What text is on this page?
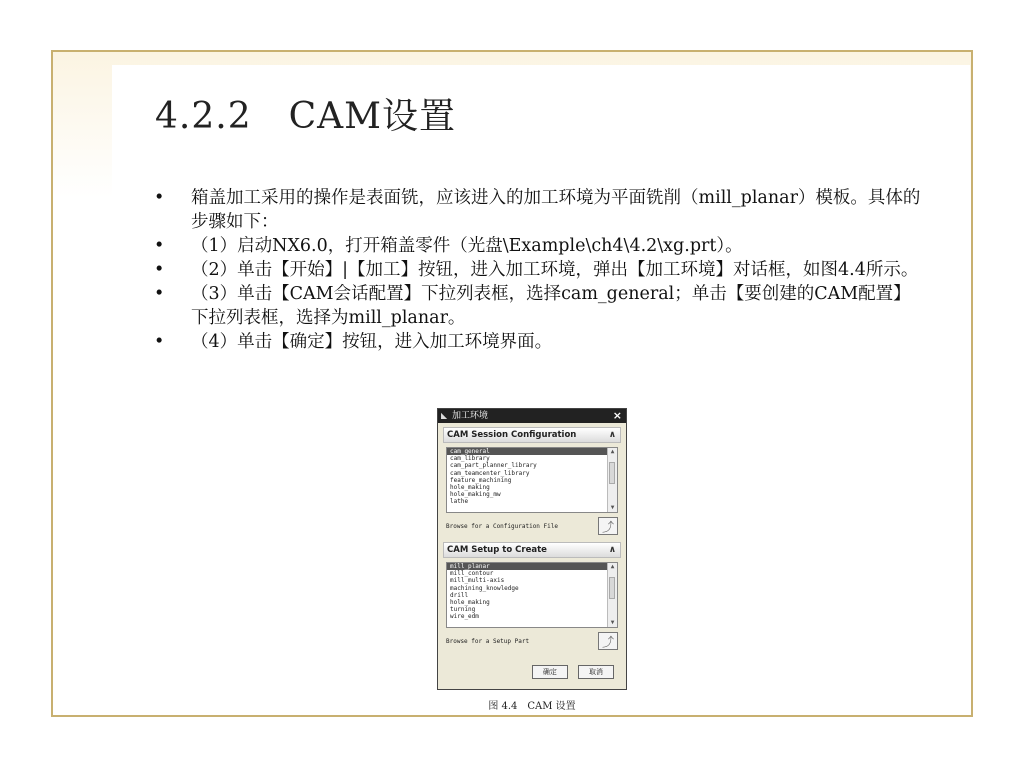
4.2.2　CAM设置
• 箱盖加工采用的操作是表面铣，应该进入的加工环境为平面铣削（mill_planar）模板。具体的步骤如下：
• （1）启动NX6.0，打开箱盖零件（光盘\Example\ch4\4.2\xg.prt）。
• （2）单击【开始】|【加工】按钮，进入加工环境，弹出【加工环境】对话框，如图4.4所示。
• （3）单击【CAM会话配置】下拉列表框，选择cam_general；单击【要创建的CAM配置】下拉列表框，选择为mill_planar。
• （4）单击【确定】按钮，进入加工环境界面。
◣ 加工环境	×
CAM Session Configuration	∧
cam_general
cam_library
cam_part_planner_library
cam_teamcenter_library
feature_machining
hole_making
hole_making_mw
lathe
▲
▼
Browse for a Configuration File	⤴
CAM Setup to Create	∧
mill_planar
mill_contour
mill_multi-axis
machining_knowledge
drill
hole_making
turning
wire_edm
▲
▼
Browse for a Setup Part	⤴
确定	取消
图 4.4　CAM 设置
